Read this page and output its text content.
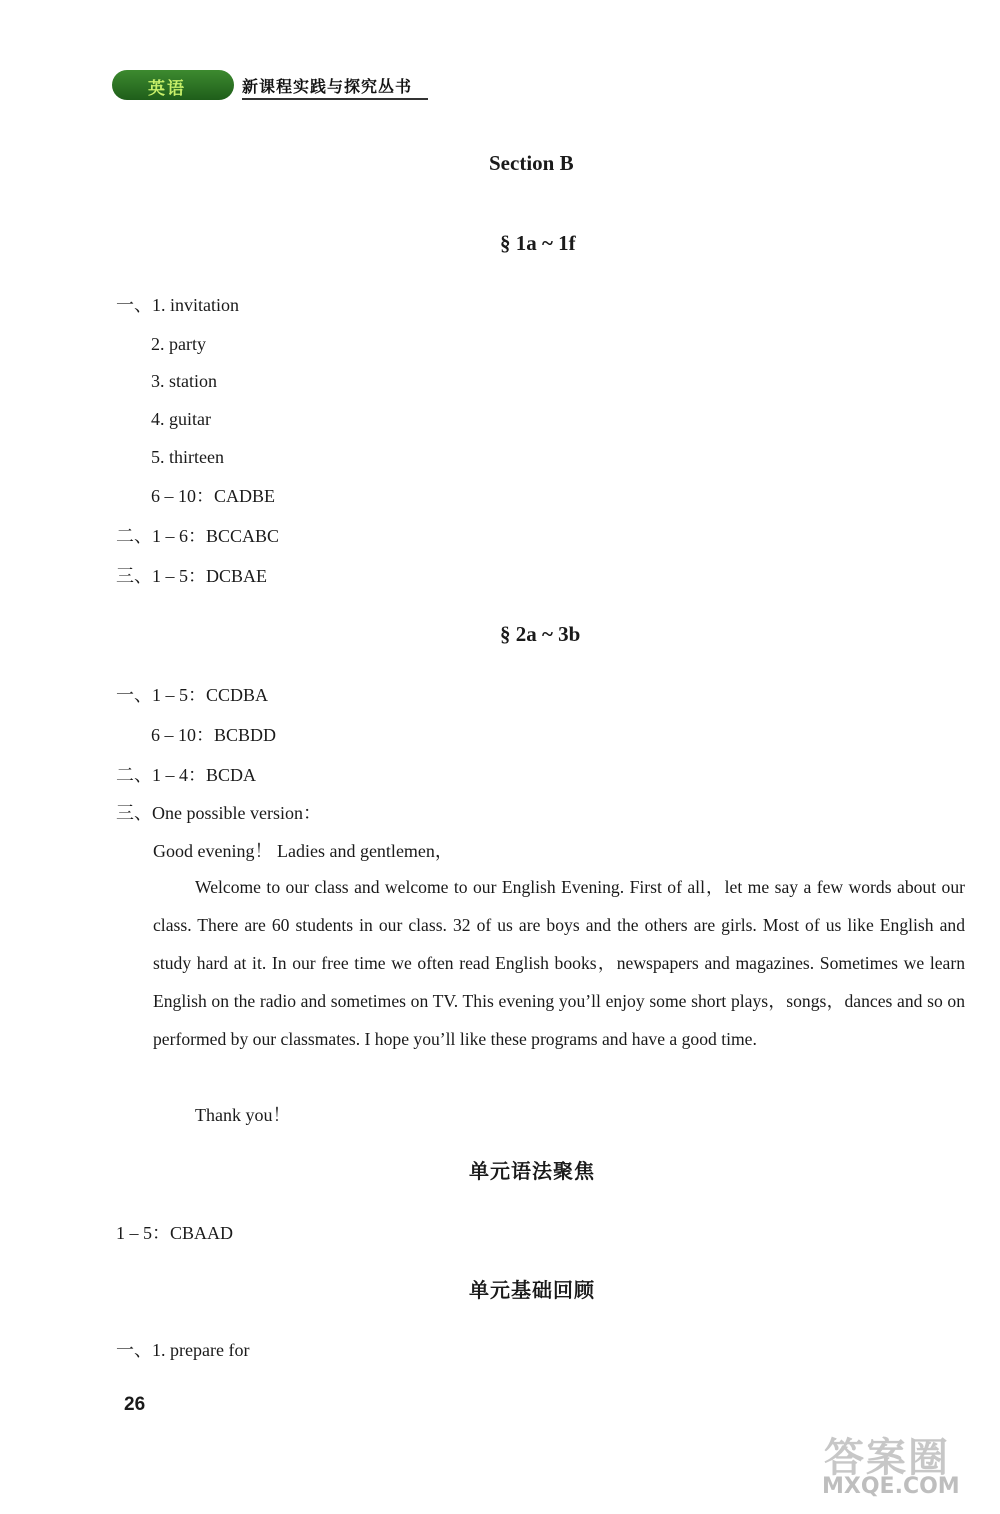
英语	新课程实践与探究丛书
Section B
§ 1a ~ 1f
一、1. invitation
2. party
3. station
4. guitar
5. thirteen
6 – 10：CADBE
二、1 – 6：BCCABC
三、1 – 5：DCBAE
§ 2a ~ 3b
一、1 – 5：CCDBA
6 – 10：BCBDD
二、1 – 4：BCDA
三、One possible version：
Good evening！ Ladies and gentlemen，
Welcome to our class and welcome to our English Evening. First of all，let me say a few words about our class. There are 60 students in our class. 32 of us are boys and the others are girls. Most of us like English and study hard at it. In our free time we often read English books，newspapers and magazines. Sometimes we learn English on the radio and sometimes on TV. This evening you’ll enjoy some short plays，songs，dances and so on performed by our classmates. I hope you’ll like these programs and have a good time.
Thank you！
单元语法聚焦
1 – 5：CBAAD
单元基础回顾
一、1. prepare for
26
答案圈
MXQE.COM
